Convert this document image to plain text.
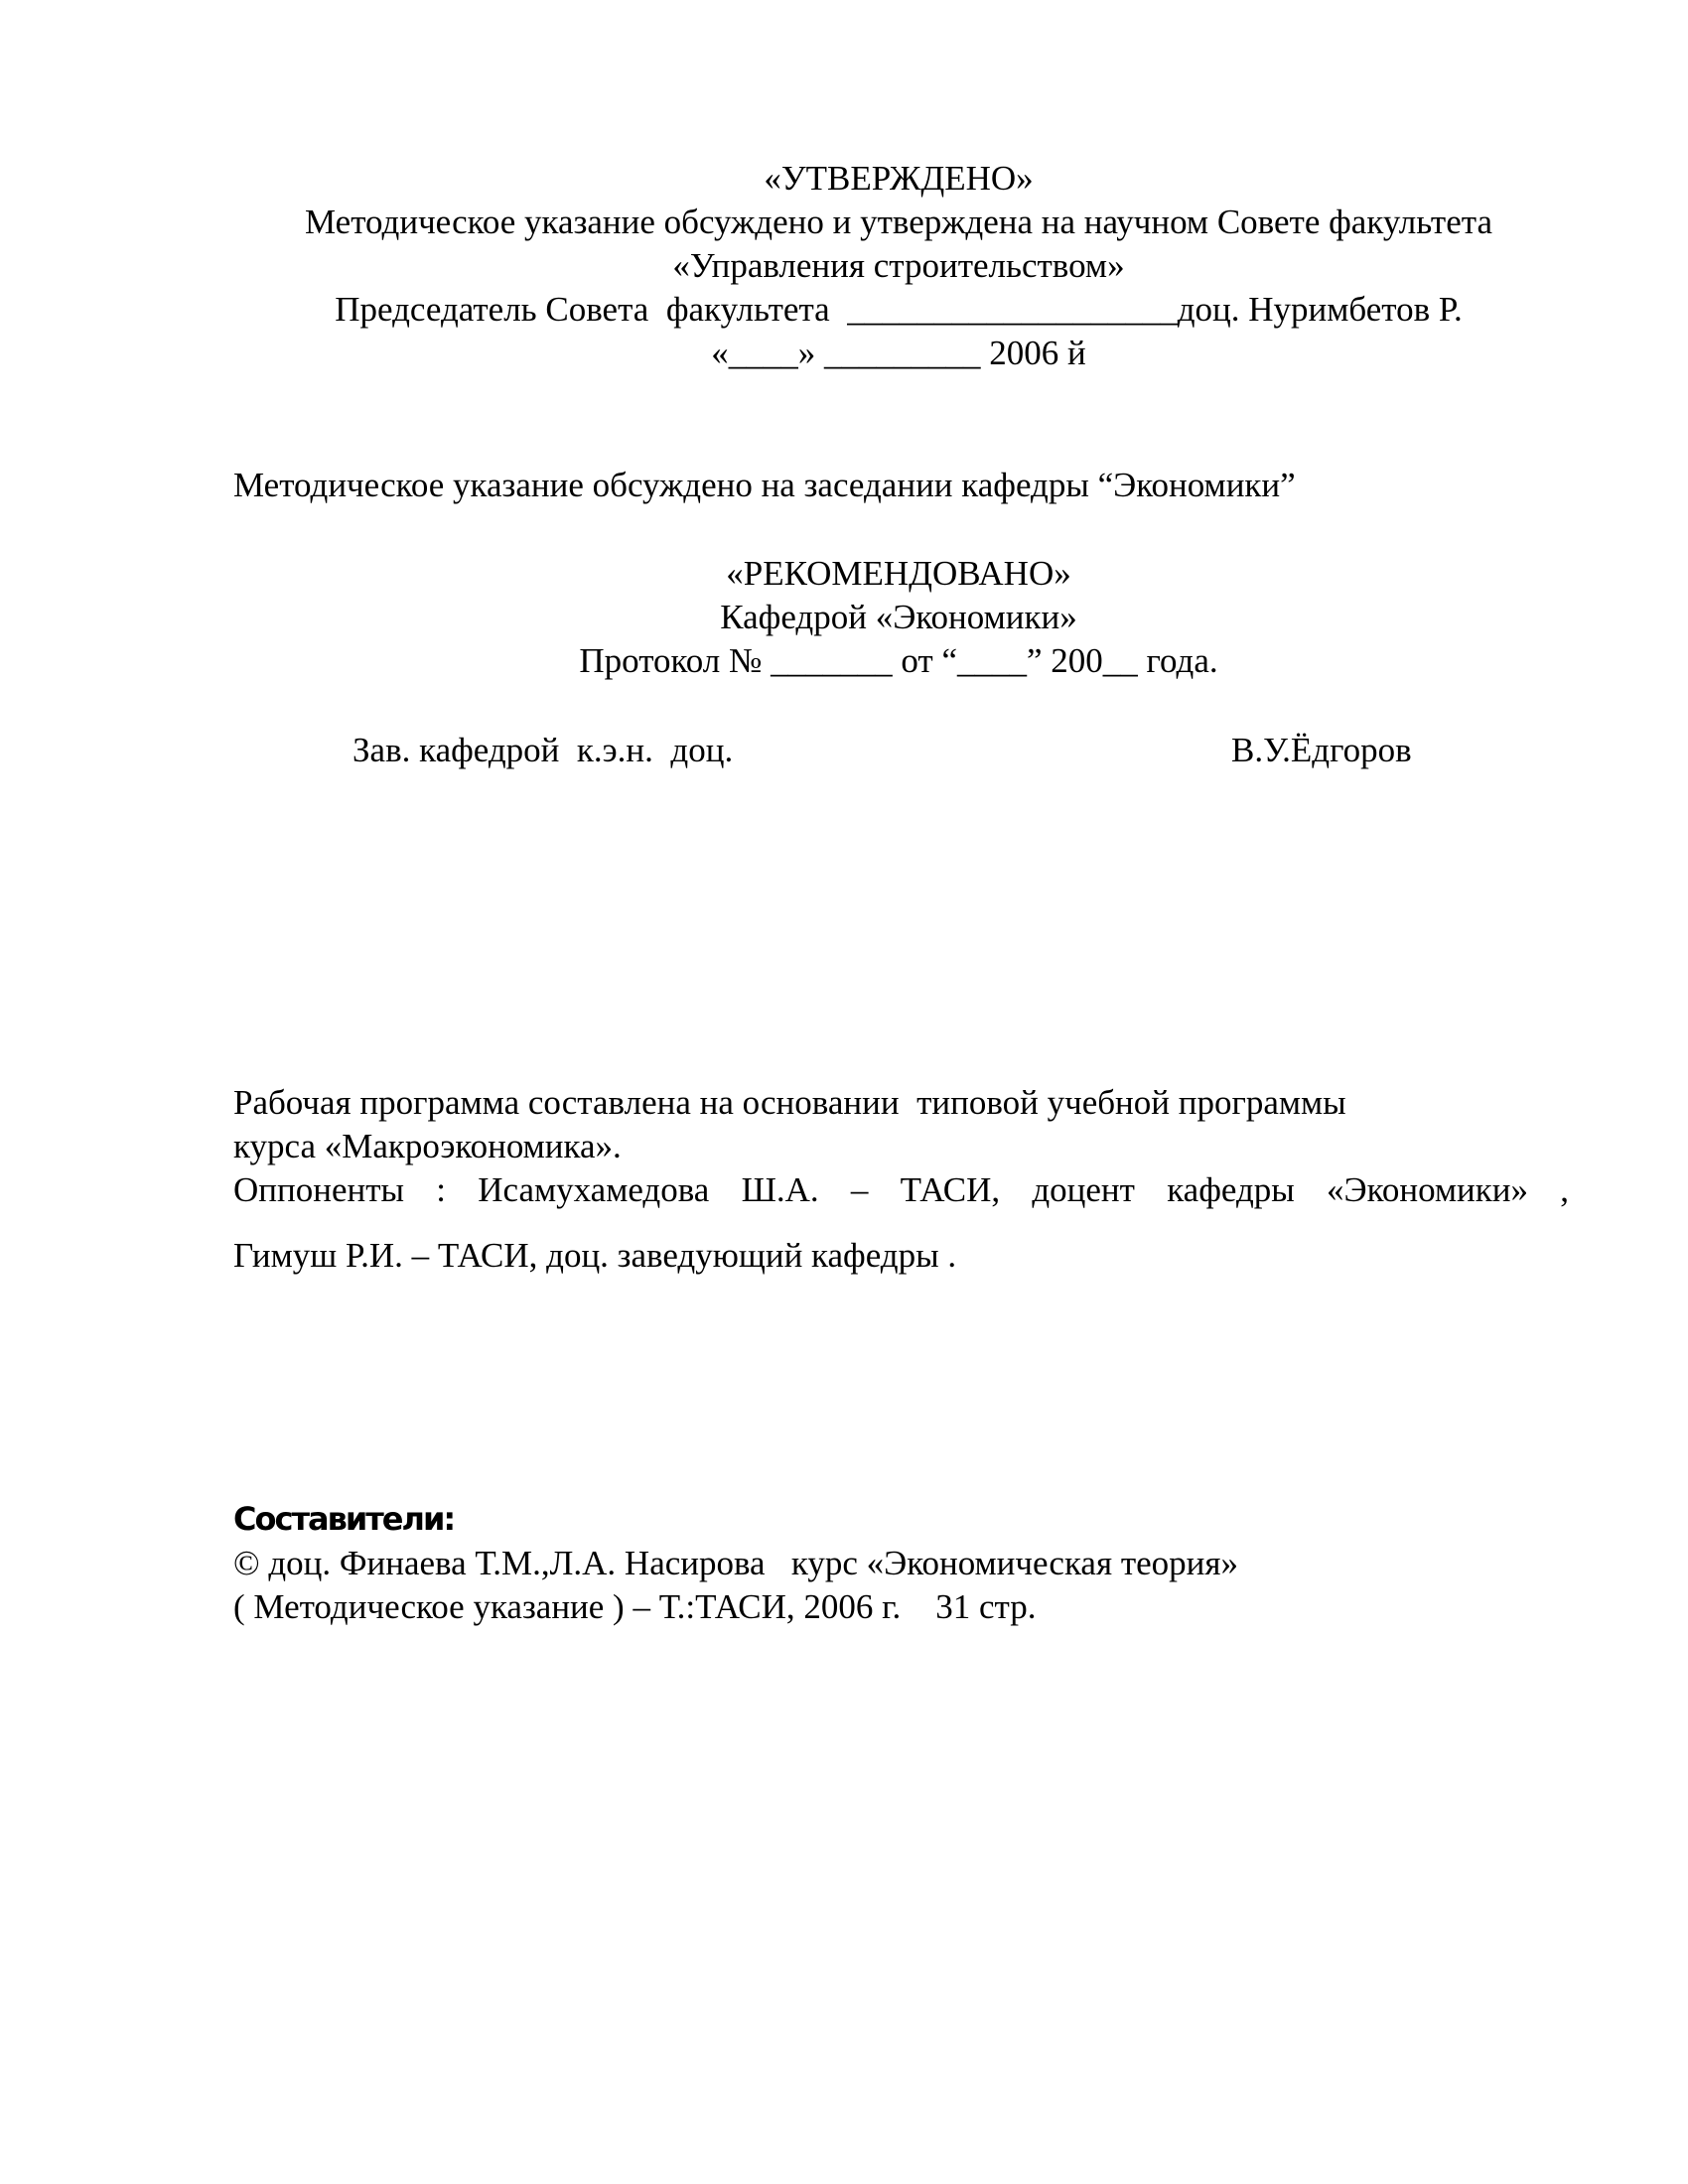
«УТВЕРЖДЕНО»
Методическое указание обсуждено и утверждена на научном Совете факультета
«Управления строительством»
Председатель Совета  факультета  ___________________доц. Нуримбетов Р.
«____» _________ 2006 й
Методическое указание обсуждено на заседании кафедры “Экономики”
«РЕКОМЕНДОВАНО»
Кафедрой «Экономики»
Протокол № _______ от “____” 200__ года.
Зав. кафедрой  к.э.н.  доц.	В.У.Ёдгоров
Рабочая программа составлена на основании  типовой учебной программы
курса «Макроэкономика».
Оппоненты : Исамухамедова Ш.А. – ТАСИ, доцент кафедры «Экономики» ,
Гимуш Р.И. – ТАСИ, доц. заведующий кафедры .
Составители:
© доц. Финаева Т.М.,Л.А. Насирова   курс «Экономическая теория»
( Методическое указание ) – Т.:ТАСИ, 2006 г.    31 стр.
